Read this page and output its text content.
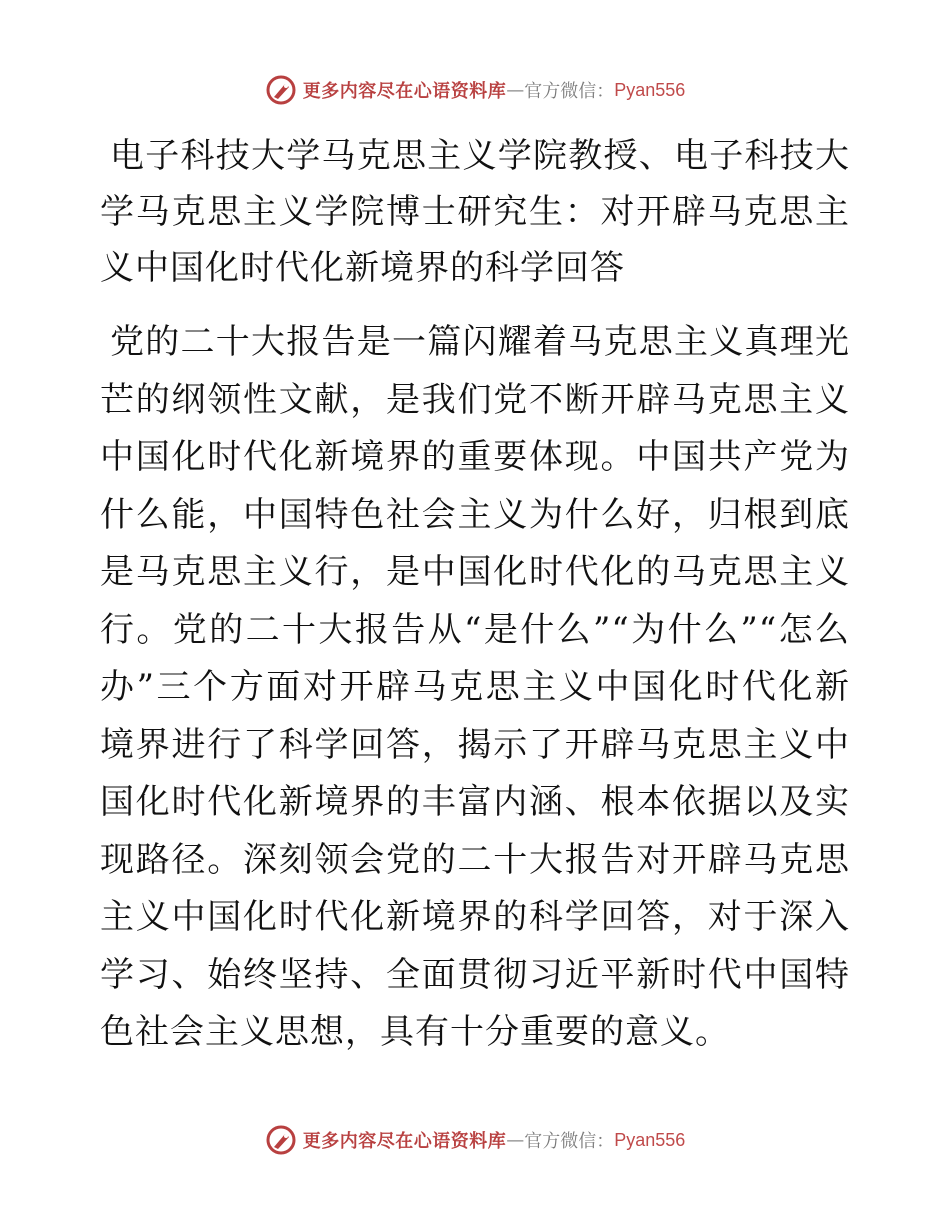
更多内容尽在心语资料库 — 官方微信： Pyan556
电子科技大学马克思主义学院教授、电子科技大学马克思主义学院博士研究生：对开辟马克思主义中国化时代化新境界的科学回答

党的二十大报告是一篇闪耀着马克思主义真理光芒的纲领性文献，是我们党不断开辟马克思主义中国化时代化新境界的重要体现。中国共产党为什么能，中国特色社会主义为什么好，归根到底是马克思主义行，是中国化时代化的马克思主义行。党的二十大报告从“是什么”“为什么”“怎么办”三个方面对开辟马克思主义中国化时代化新境界进行了科学回答，揭示了开辟马克思主义中国化时代化新境界的丰富内涵、根本依据以及实现路径。深刻领会党的二十大报告对开辟马克思主义中国化时代化新境界的科学回答，对于深入学习、始终坚持、全面贯彻习近平新时代中国特色社会主义思想，具有十分重要的意义。

更多内容尽在心语资料库 — 官方微信： Pyan556
